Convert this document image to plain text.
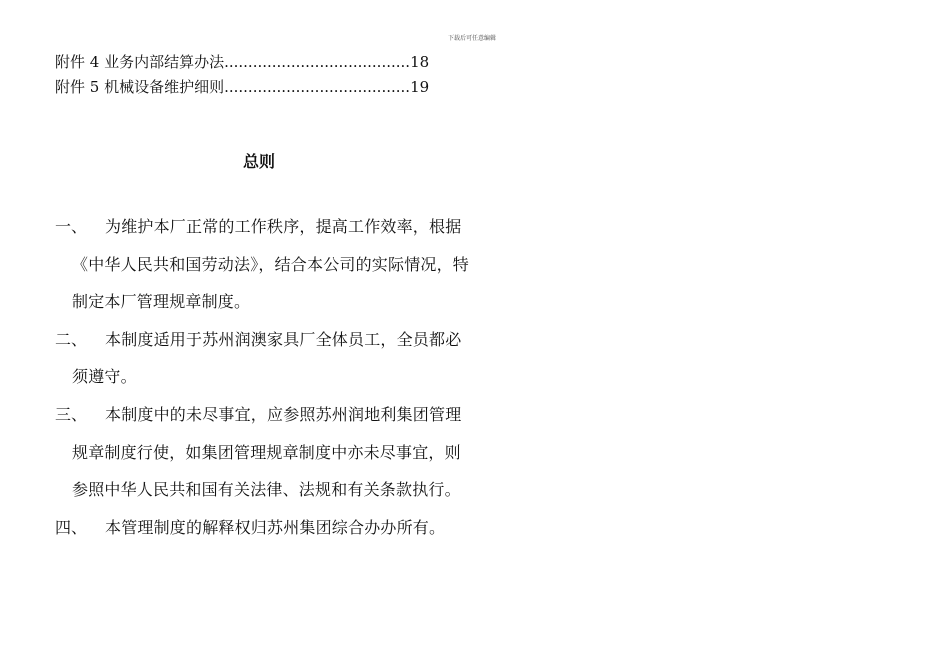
下载后可任意编辑
附件 4 业务内部结算办法.......................................18
附件 5 机械设备维护细则.......................................19
总则
一、	为维护本厂正常的工作秩序，提高工作效率，根据《中华人民共和国劳动法》，结合本公司的实际情况，特制定本厂管理规章制度。
二、	本制度适用于苏州润澳家具厂全体员工，全员都必须遵守。
三、	本制度中的未尽事宜，应参照苏州润地利集团管理规章制度行使，如集团管理规章制度中亦未尽事宜，则参照中华人民共和国有关法律、法规和有关条款执行。
四、	本管理制度的解释权归苏州集团综合办办所有。
